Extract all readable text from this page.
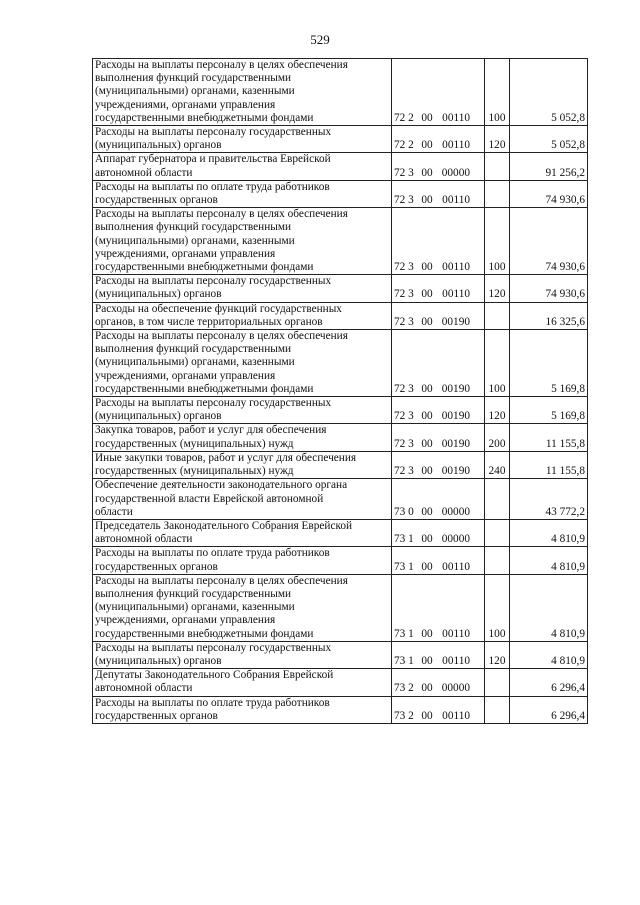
529
Расходы на выплаты персоналу в целях обеспечения
выполнения функций государственными
(муниципальными) органами, казенными
учреждениями, органами управления
государственными внебюджетными фондами	72 2 00 00110	100	5 052,8

Расходы на выплаты персоналу государственных
(муниципальных) органов	72 2 00 00110	120	5 052,8

Аппарат губернатора и правительства Еврейской
автономной области	72 3 00 00000		91 256,2

Расходы на выплаты по оплате труда работников
государственных органов	72 3 00 00110		74 930,6

Расходы на выплаты персоналу в целях обеспечения
выполнения функций государственными
(муниципальными) органами, казенными
учреждениями, органами управления
государственными внебюджетными фондами	72 3 00 00110	100	74 930,6

Расходы на выплаты персоналу государственных
(муниципальных) органов	72 3 00 00110	120	74 930,6

Расходы на обеспечение функций государственных
органов, в том числе территориальных органов	72 3 00 00190		16 325,6

Расходы на выплаты персоналу в целях обеспечения
выполнения функций государственными
(муниципальными) органами, казенными
учреждениями, органами управления
государственными внебюджетными фондами	72 3 00 00190	100	5 169,8

Расходы на выплаты персоналу государственных
(муниципальных) органов	72 3 00 00190	120	5 169,8

Закупка товаров, работ и услуг для обеспечения
государственных (муниципальных) нужд	72 3 00 00190	200	11 155,8

Иные закупки товаров, работ и услуг для обеспечения
государственных (муниципальных) нужд	72 3 00 00190	240	11 155,8

Обеспечение деятельности законодательного органа
государственной власти Еврейской автономной
области	73 0 00 00000		43 772,2

Председатель Законодательного Собрания Еврейской
автономной области	73 1 00 00000		4 810,9

Расходы на выплаты по оплате труда работников
государственных органов	73 1 00 00110		4 810,9

Расходы на выплаты персоналу в целях обеспечения
выполнения функций государственными
(муниципальными) органами, казенными
учреждениями, органами управления
государственными внебюджетными фондами	73 1 00 00110	100	4 810,9

Расходы на выплаты персоналу государственных
(муниципальных) органов	73 1 00 00110	120	4 810,9

Депутаты Законодательного Собрания Еврейской
автономной области	73 2 00 00000		6 296,4

Расходы на выплаты по оплате труда работников
государственных органов	73 2 00 00110		6 296,4
